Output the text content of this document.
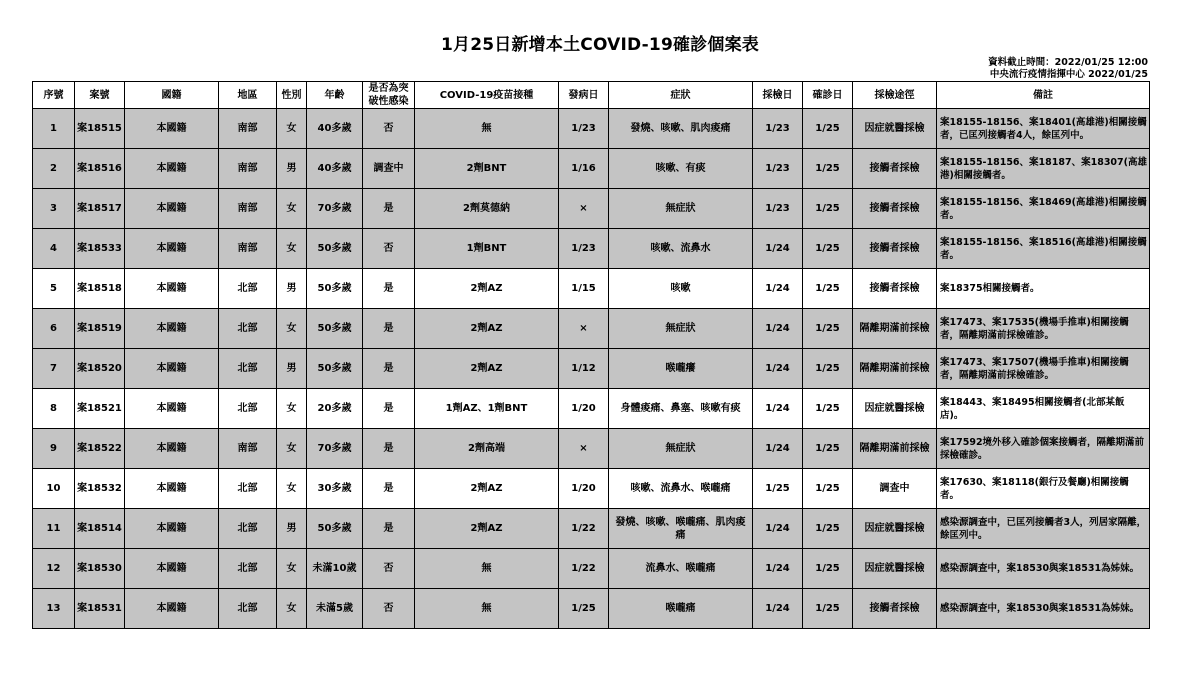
1月25日新增本土COVID-19確診個案表
資料截止時間：2022/01/25 12:00
中央流行疫情指揮中心 2022/01/25
序號	案號	國籍	地區	性別	年齡	是否為突破性感染	COVID-19疫苗接種	發病日	症狀	採檢日	確診日	採檢途徑	備註
1	案18515	本國籍	南部	女	40多歲	否	無	1/23	發燒、咳嗽、肌肉痠痛	1/23	1/25	因症就醫採檢	案18155-18156、案18401(高雄港)相關接觸者，已匡列接觸者4人，餘匡列中。
2	案18516	本國籍	南部	男	40多歲	調查中	2劑BNT	1/16	咳嗽、有痰	1/23	1/25	接觸者採檢	案18155-18156、案18187、案18307(高雄港)相關接觸者。
3	案18517	本國籍	南部	女	70多歲	是	2劑莫德納	×	無症狀	1/23	1/25	接觸者採檢	案18155-18156、案18469(高雄港)相關接觸者。
4	案18533	本國籍	南部	女	50多歲	否	1劑BNT	1/23	咳嗽、流鼻水	1/24	1/25	接觸者採檢	案18155-18156、案18516(高雄港)相關接觸者。
5	案18518	本國籍	北部	男	50多歲	是	2劑AZ	1/15	咳嗽	1/24	1/25	接觸者採檢	案18375相關接觸者。
6	案18519	本國籍	北部	女	50多歲	是	2劑AZ	×	無症狀	1/24	1/25	隔離期滿前採檢	案17473、案17535(機場手推車)相關接觸者，隔離期滿前採檢確診。
7	案18520	本國籍	北部	男	50多歲	是	2劑AZ	1/12	喉嚨癢	1/24	1/25	隔離期滿前採檢	案17473、案17507(機場手推車)相關接觸者，隔離期滿前採檢確診。
8	案18521	本國籍	北部	女	20多歲	是	1劑AZ、1劑BNT	1/20	身體痠痛、鼻塞、咳嗽有痰	1/24	1/25	因症就醫採檢	案18443、案18495相關接觸者(北部某飯店)。
9	案18522	本國籍	南部	女	70多歲	是	2劑高端	×	無症狀	1/24	1/25	隔離期滿前採檢	案17592境外移入確診個案接觸者，隔離期滿前採檢確診。
10	案18532	本國籍	北部	女	30多歲	是	2劑AZ	1/20	咳嗽、流鼻水、喉嚨痛	1/25	1/25	調查中	案17630、案18118(銀行及餐廳)相關接觸者。
11	案18514	本國籍	北部	男	50多歲	是	2劑AZ	1/22	發燒、咳嗽、喉嚨痛、肌肉痠痛	1/24	1/25	因症就醫採檢	感染源調查中，已匡列接觸者3人，列居家隔離，餘匡列中。
12	案18530	本國籍	北部	女	未滿10歲	否	無	1/22	流鼻水、喉嚨痛	1/24	1/25	因症就醫採檢	感染源調查中，案18530與案18531為姊妹。
13	案18531	本國籍	北部	女	未滿5歲	否	無	1/25	喉嚨痛	1/24	1/25	接觸者採檢	感染源調查中，案18530與案18531為姊妹。
